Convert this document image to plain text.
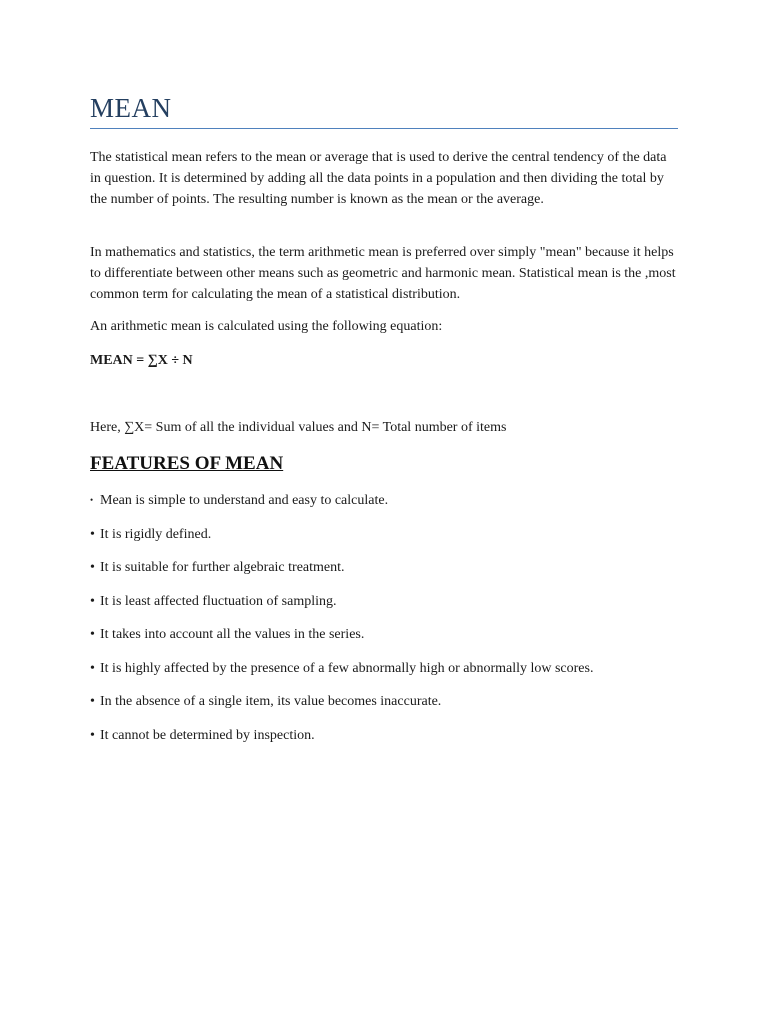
MEAN

The statistical mean refers to the mean or average that is used to derive the central tendency of the data in question. It is determined by adding all the data points in a population and then dividing the total by the number of points. The resulting number is known as the mean or the average.

In mathematics and statistics, the term arithmetic mean is preferred over simply "mean" because it helps to differentiate between other means such as geometric and harmonic mean. Statistical mean is the ,most common term for calculating the mean of a statistical distribution.

An arithmetic mean is calculated using the following equation:

MEAN = ∑X ÷ N

Here, ∑X= Sum of all the individual values and N= Total number of items

FEATURES OF MEAN
• Mean is simple to understand and easy to calculate.
• It is rigidly defined.
• It is suitable for further algebraic treatment.
• It is least affected fluctuation of sampling.
• It takes into account all the values in the series.
• It is highly affected by the presence of a few abnormally high or abnormally low scores.
• In the absence of a single item, its value becomes inaccurate.
• It cannot be determined by inspection.
